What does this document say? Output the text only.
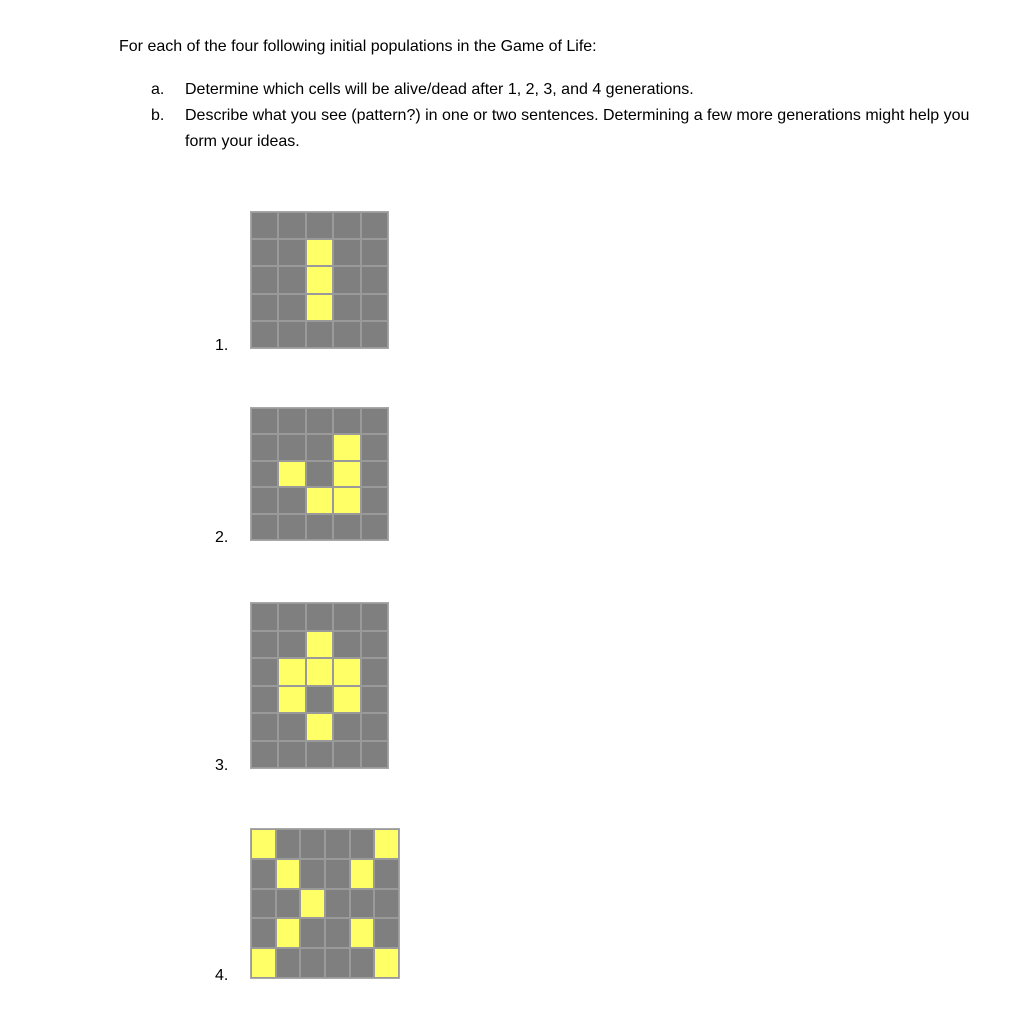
For each of the four following initial populations in the Game of Life:
a.	Determine which cells will be alive/dead after 1, 2, 3, and 4 generations.
b.	Describe what you see (pattern?) in one or two sentences. Determining a few more generations might help you form your ideas.
1.
2.
3.
4.
